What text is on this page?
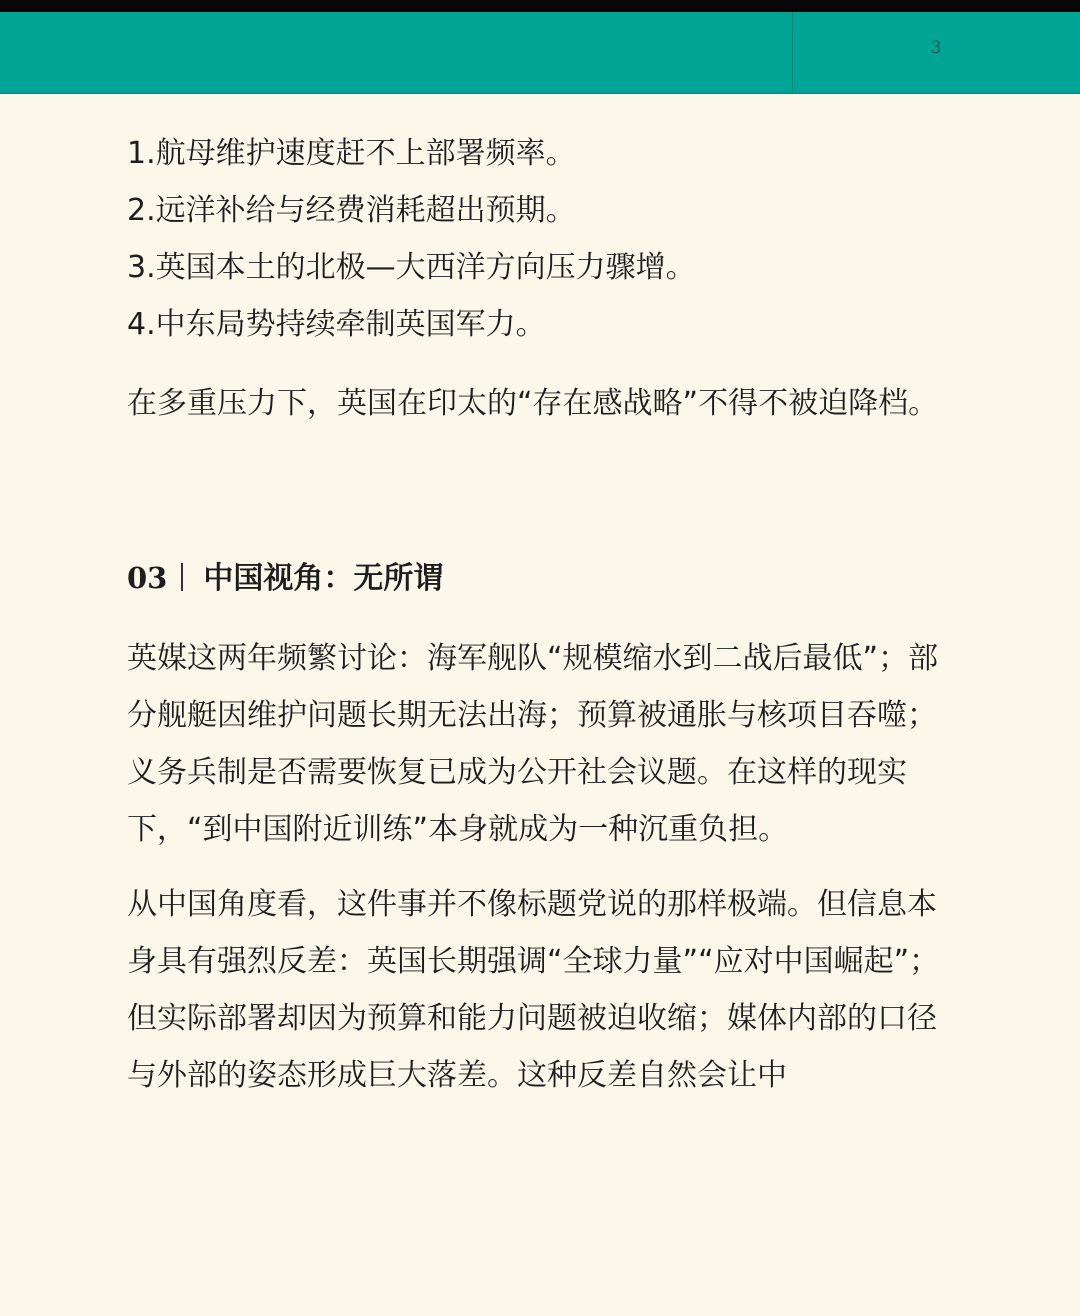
3
1.航母维护速度赶不上部署频率。
2.远洋补给与经费消耗超出预期。
3.英国本土的北极—大西洋方向压力骤增。
4.中东局势持续牵制英国军力。

在多重压力下，英国在印太的“存在感战略”不得不被迫降档。

03 中国视角：无所谓

英媒这两年频繁讨论：海军舰队“规模缩水到二战后最低”；部分舰艇因维护问题长期无法出海；预算被通胀与核项目吞噬；义务兵制是否需要恢复已成为公开社会议题。在这样的现实下，“到中国附近训练”本身就成为一种沉重负担。

从中国角度看，这件事并不像标题党说的那样极端。但信息本身具有强烈反差：英国长期强调“全球力量”“应对中国崛起”；但实际部署却因为预算和能力问题被迫收缩；媒体内部的口径与外部的姿态形成巨大落差。这种反差自然会让中
